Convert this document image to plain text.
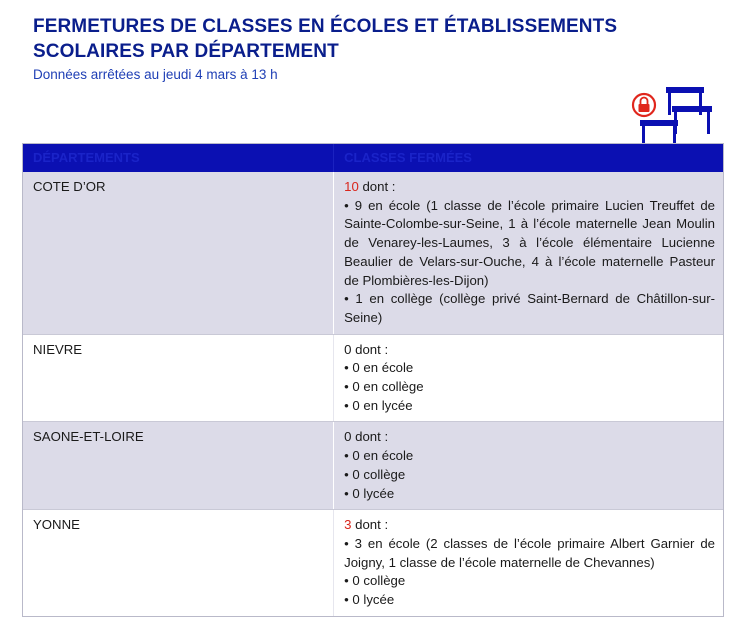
FERMETURES DE CLASSES EN ÉCOLES ET ÉTABLISSEMENTS SCOLAIRES PAR DÉPARTEMENT

Données arrêtées au jeudi 4 mars à 13 h

DÉPARTEMENTS	CLASSES FERMÉES
COTE D’OR	10 dont :
• 9 en école (1 classe de l’école primaire Lucien Treuffet de Sainte-Colombe-sur-Seine, 1 à l’école maternelle Jean Moulin de Venarey-les-Laumes, 3 à l’école élémentaire Lucienne Beaulier de Velars-sur-Ouche, 4 à l’école maternelle Pasteur de Plombières-les-Dijon)
• 1 en collège (collège privé Saint-Bernard de Châtillon-sur-Seine)
NIEVRE	0 dont :
• 0 en école
• 0 en collège
• 0 en lycée
SAONE-ET-LOIRE	0 dont :
• 0 en école
• 0 collège
• 0 lycée
YONNE	3 dont :
• 3 en école (2 classes de l’école primaire Albert Garnier de Joigny, 1 classe de l’école maternelle de Chevannes)
• 0 collège
• 0 lycée
